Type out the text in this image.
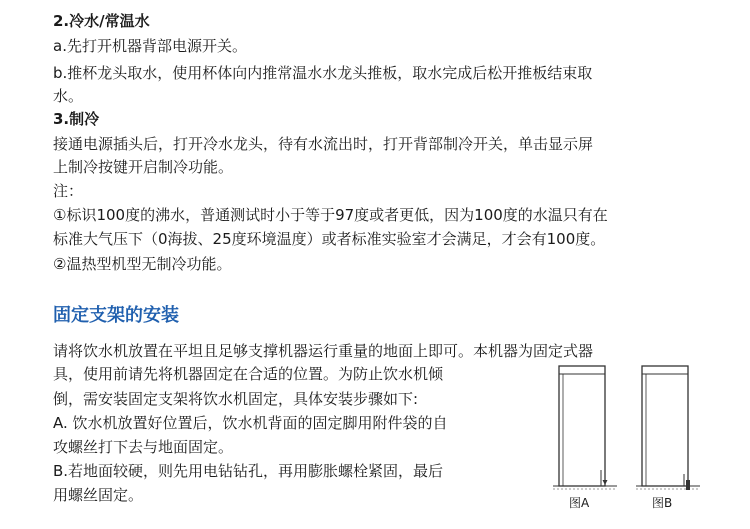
2.冷水/常温水
a.先打开机器背部电源开关。
b.推杯龙头取水，使用杯体向内推常温水水龙头推板，取水完成后松开推板结束取
水。
3.制冷
接通电源插头后，打开冷水龙头，待有水流出时，打开背部制冷开关，单击显示屏
上制冷按键开启制冷功能。
注：
①标识100度的沸水，普通测试时小于等于97度或者更低，因为100度的水温只有在
标准大气压下（0海拔、25度环境温度）或者标准实验室才会满足，才会有100度。
②温热型机型无制冷功能。
固定支架的安装
请将饮水机放置在平坦且足够支撑机器运行重量的地面上即可。本机器为固定式器
具，使用前请先将机器固定在合适的位置。为防止饮水机倾
倒，需安装固定支架将饮水机固定，具体安装步骤如下:
A. 饮水机放置好位置后，饮水机背面的固定脚用附件袋的自
攻螺丝打下去与地面固定。
B.若地面较硬，则先用电钻钻孔，再用膨胀螺栓紧固，最后
用螺丝固定。	图A	图B
